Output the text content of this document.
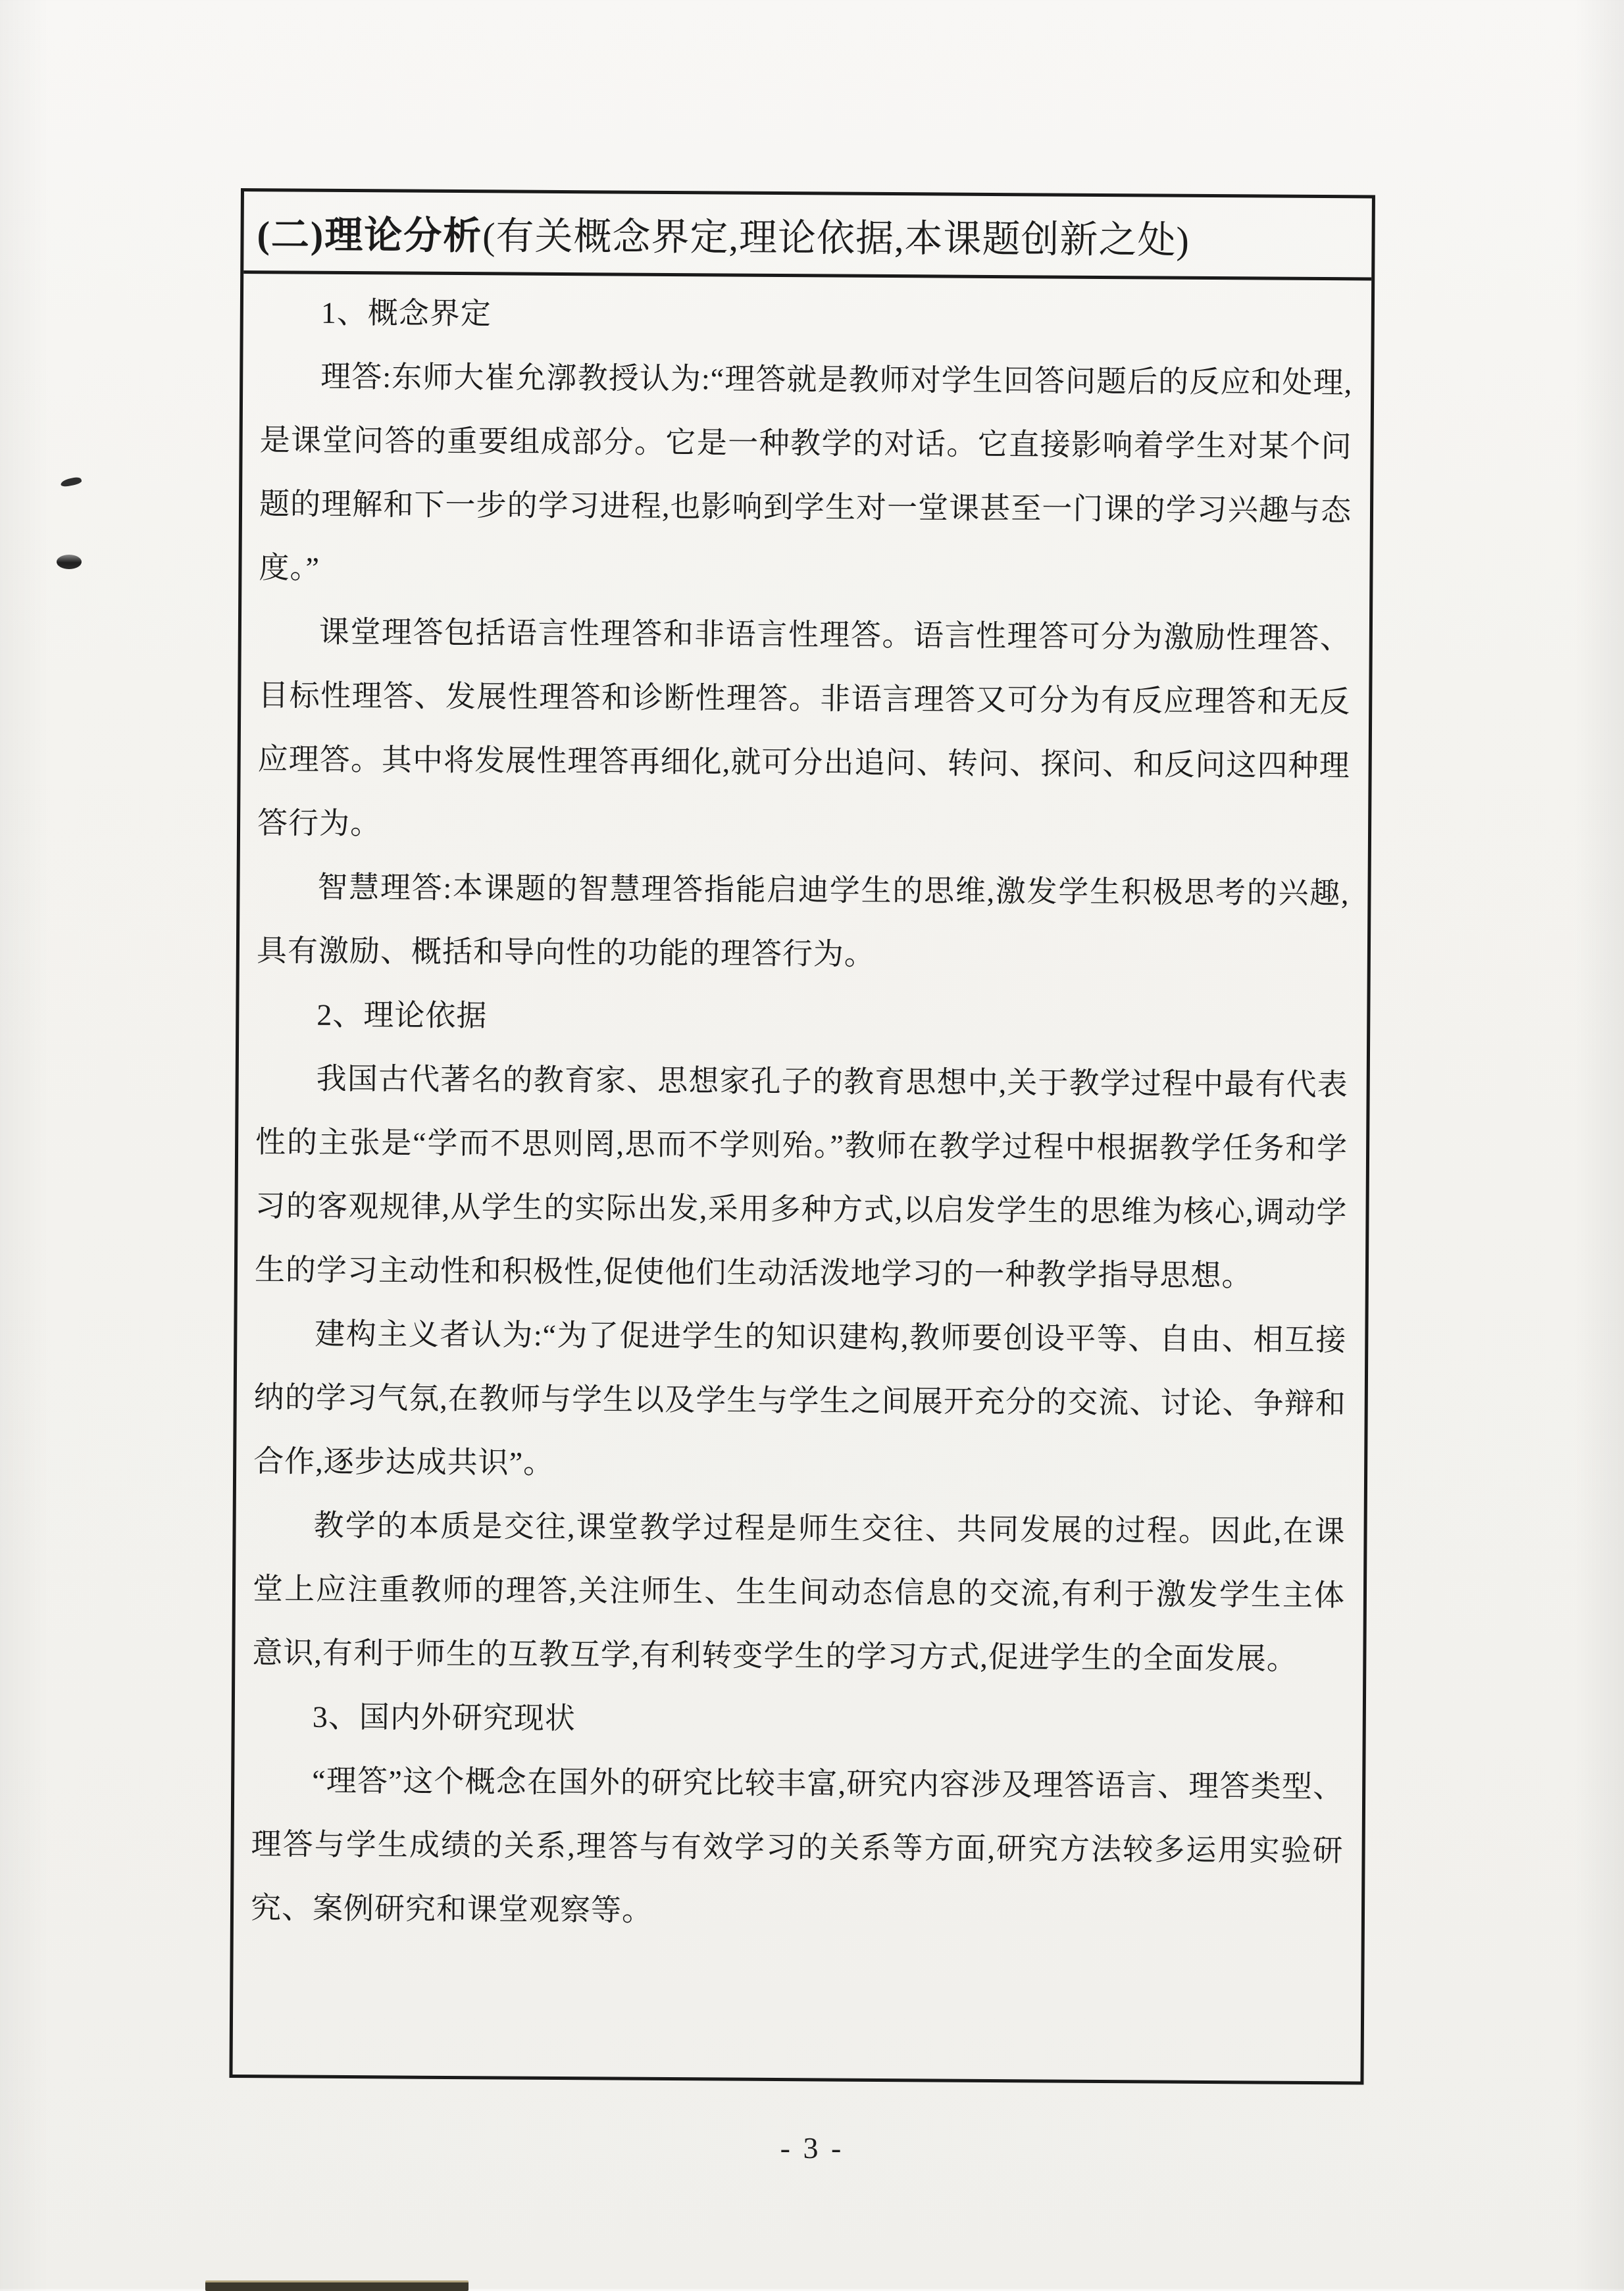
(二)理论分析 (有关概念界定,理论依据,本课题创新之处)

1、概念界定

理答:东师大崔允漷教授认为:“理答就是教师对学生回答问题后的反应和处理,是课堂问答的重要组成部分。它是一种教学的对话。它直接影响着学生对某个问题的理解和下一步的学习进程,也影响到学生对一堂课甚至一门课的学习兴趣与态度。”

课堂理答包括语言性理答和非语言性理答。语言性理答可分为激励性理答、目标性理答、发展性理答和诊断性理答。非语言理答又可分为有反应理答和无反应理答。其中将发展性理答再细化,就可分出追问、转问、探问、和反问这四种理答行为。

智慧理答:本课题的智慧理答指能启迪学生的思维,激发学生积极思考的兴趣,具有激励、概括和导向性的功能的理答行为。

2、理论依据

我国古代著名的教育家、思想家孔子的教育思想中,关于教学过程中最有代表性的主张是“学而不思则罔,思而不学则殆。”教师在教学过程中根据教学任务和学习的客观规律,从学生的实际出发,采用多种方式,以启发学生的思维为核心,调动学生的学习主动性和积极性,促使他们生动活泼地学习的一种教学指导思想。

建构主义者认为:“为了促进学生的知识建构,教师要创设平等、自由、相互接纳的学习气氛,在教师与学生以及学生与学生之间展开充分的交流、讨论、争辩和合作,逐步达成共识”。

教学的本质是交往,课堂教学过程是师生交往、共同发展的过程。因此,在课堂上应注重教师的理答,关注师生、生生间动态信息的交流,有利于激发学生主体意识,有利于师生的互教互学,有利转变学生的学习方式,促进学生的全面发展。

3、国内外研究现状

“理答”这个概念在国外的研究比较丰富,研究内容涉及理答语言、理答类型、理答与学生成绩的关系,理答与有效学习的关系等方面,研究方法较多运用实验研究、案例研究和课堂观察等。

- 3 -
